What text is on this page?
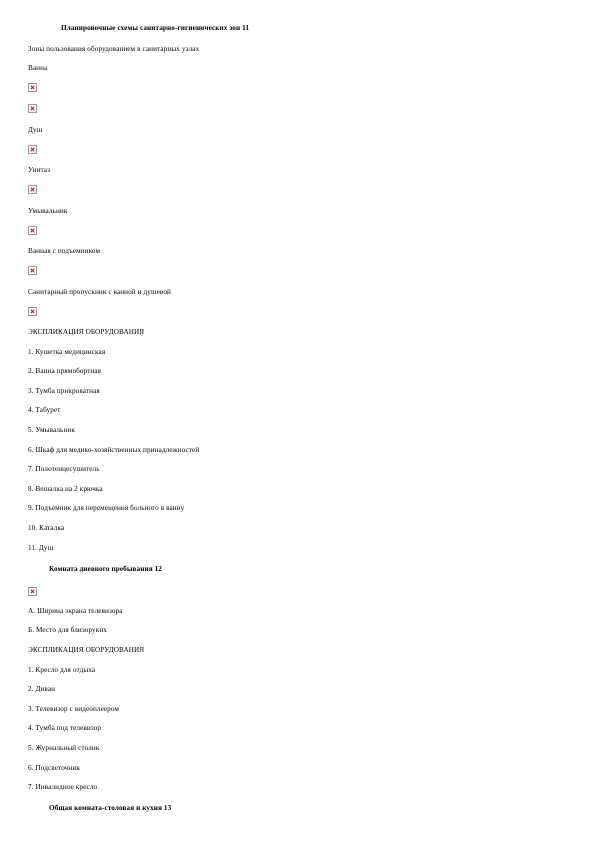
Планировочные схемы санитарно-гигиенических зон 11
Зоны пользования оборудованием в санитарных узлах
Ванна
Душ
Унитаз
Умывальник
Ванная с подъемником
Санитарный пропускник с ванной и душевой
ЭКСПЛИКАЦИЯ ОБОРУДОВАНИЯ
1. Кушетка медицинская
2. Ванна прямобортная
3. Тумба прикроватная
4. Табурет
5. Умывальник
6. Шкаф для медико-хозяйственных принадлежностей
7. Полотенцесушитель
8. Вешалка на 2 крючка
9. Подъемник для перемещения больного в ванну
10. Каталка
11. Душ
Комната дневного пребывания 12
А. Ширина экрана телевизора
Б. Место для близоруких
ЭКСПЛИКАЦИЯ ОБОРУДОВАНИЯ
1. Кресло для отдыха
2. Диван
3. Телевизор с видеоплеером
4. Тумба под телевизор
5. Журнальный столик
6. Подсветочник
7. Инвалидное кресло
Общая комната-столовая и кухня 13
